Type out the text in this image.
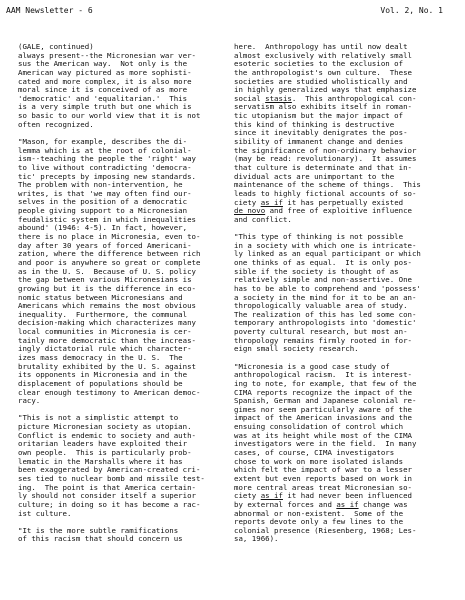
AAM Newsletter - 6	Vol. 2, No. 1
(GALE, continued)
always present--the Micronesian war ver-
sus the American way.  Not only is the
American way pictured as more sophisti-
cated and more complex, it is also more
moral since it is conceived of as more
'democratic' and 'equalitarian.'  This
is a very simple truth but one which is
so basic to our world view that it is not
often recognized.
"Mason, for example, describes the di-
lemma which is at the root of colonial-
ism--teaching the people the 'right' way
to live without contradicting 'democra-
tic' precepts by imposing new standards.
The problem with non-intervention, he
writes, is that 'we may often find our-
selves in the position of a democratic
people giving support to a Micronesian
feudalistic system in which inequalities
abound' (1946: 4-5). In fact, however,
there is no place in Micronesia, even to-
day after 30 years of forced Americani-
zation, where the difference between rich
and poor is anywhere so great or complete
as in the U. S.  Because of U. S. policy
the gap between various Micronesians is
growing but it is the difference in eco-
nomic status between Micronesians and
Americans which remains the most obvious
inequality.  Furthermore, the communal
decision-making which characterizes many
local communities in Micronesia is cer-
tainly more democratic than the increas-
ingly dictatorial rule which character-
izes mass democracy in the U. S.  The
brutality exhibited by the U. S. against
its opponents in Micronesia and in the
displacement of populations should be
clear enough testimony to American democ-
racy.
"This is not a simplistic attempt to
picture Micronesian society as utopian.
Conflict is endemic to society and auth-
oritarian leaders have exploited their
own people.  This is particularly prob-
lematic in the Marshalls where it has
been exaggerated by American-created cri-
ses tied to nuclear bomb and missile test-
ing.  The point is that America certain-
ly should not consider itself a superior
culture; in doing so it has become a rac-
ist culture.
"It is the more subtle ramifications
of this racism that should concern us
here.  Anthropology has until now dealt
almost exclusively with relatively small
esoteric societies to the exclusion of
the anthropologist's own culture.  These
societies are studied wholistically and
in highly generalized ways that emphasize
social stasis.  This anthropological con-
servatism also exhibits itself in roman-
tic utopianism but the major impact of
this kind of thinking is destructive
since it inevitably denigrates the pos-
sibility of immanent change and denies
the significance of non-ordinary behavior
(may be read: revolutionary).  It assumes
that culture is determinate and that in-
dividual acts are unimportant to the
maintenance of the scheme of things.  This
leads to highly fictional accounts of so-
ciety as if it has perpetually existed
de novo and free of exploitive influence
and conflict.
"This type of thinking is not possible
in a society with which one is intricate-
ly linked as an equal participant or which
one thinks of as equal.  It is only pos-
sible if the society is thought of as
relatively simple and non-assertive. One
has to be able to comprehend and 'possess'
a society in the mind for it to be an an-
thropologically valuable area of study.
The realization of this has led some con-
temporary anthropologists into 'domestic'
poverty cultural research, but most an-
thropology remains firmly rooted in for-
eign small society research.
"Micronesia is a good case study of
anthropological racism.  It is interest-
ing to note, for example, that few of the
CIMA reports recognize the impact of the
Spanish, German and Japanese colonial re-
gimes nor seem particularly aware of the
impact of the American invasions and the
ensuing consolidation of control which
was at its height while most of the CIMA
investigators were in the field.  In many
cases, of course, CIMA investigators
chose to work on more isolated islands
which felt the impact of war to a lesser
extent but even reports based on work in
more central areas treat Micronesian so-
ciety as if it had never been influenced
by external forces and as if change was
abnormal or non-existent.  Some of the
reports devote only a few lines to the
colonial presence (Riesenberg, 1968; Les-
sa, 1966).
